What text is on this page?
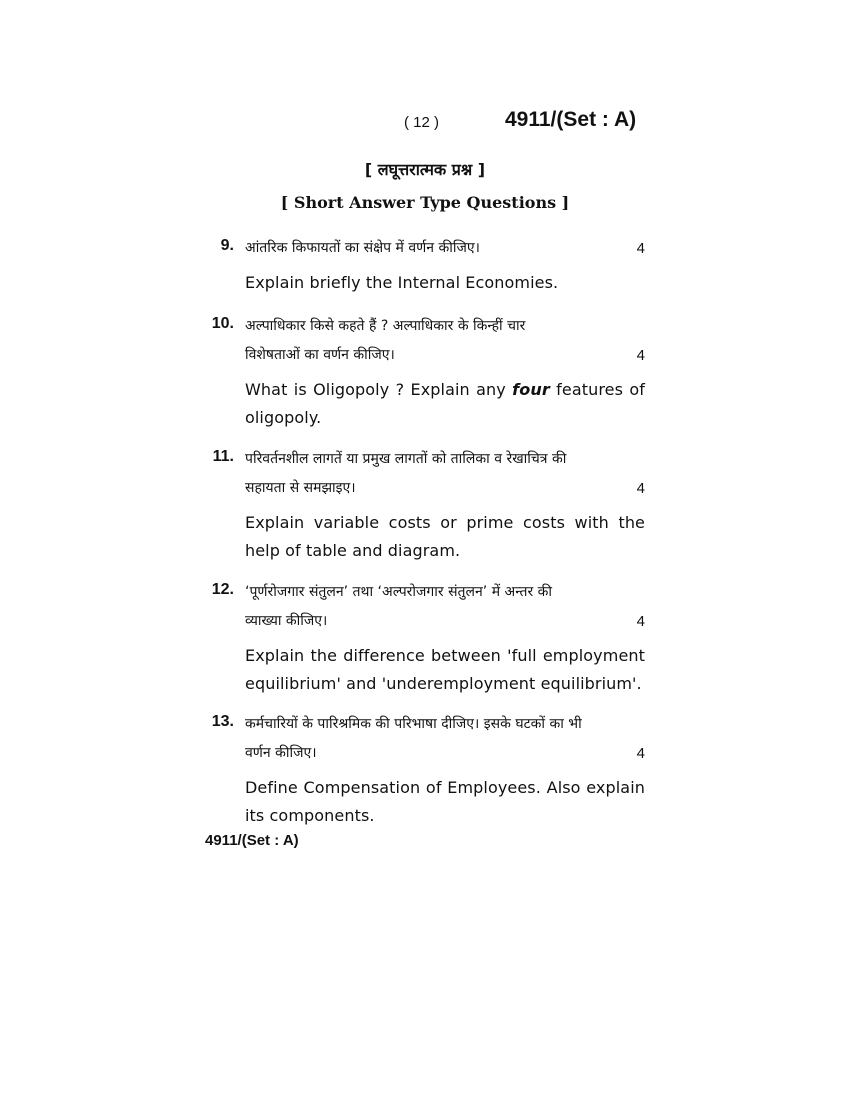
( 12 )	4911/(Set : A)
[ लघूत्तरात्मक प्रश्न ]
[ Short Answer Type Questions ]
9. आंतरिक किफायतों का संक्षेप में वर्णन कीजिए।	4
Explain briefly the Internal Economies.
10. अल्पाधिकार किसे कहते हैं ? अल्पाधिकार के किन्हीं चार
विशेषताओं का वर्णन कीजिए।	4
What is Oligopoly ? Explain any four features of oligopoly.
11. परिवर्तनशील लागतें या प्रमुख लागतों को तालिका व रेखाचित्र की
सहायता से समझाइए।	4
Explain variable costs or prime costs with the help of table and diagram.
12. ‘पूर्णरोजगार संतुलन’ तथा ‘अल्परोजगार संतुलन’ में अन्तर की
व्याख्या कीजिए।	4
Explain the difference between 'full employment equilibrium' and 'underemployment equilibrium'.
13. कर्मचारियों के पारिश्रमिक की परिभाषा दीजिए। इसके घटकों का भी
वर्णन कीजिए।	4
Define Compensation of Employees. Also explain its components.
4911/(Set : A)
